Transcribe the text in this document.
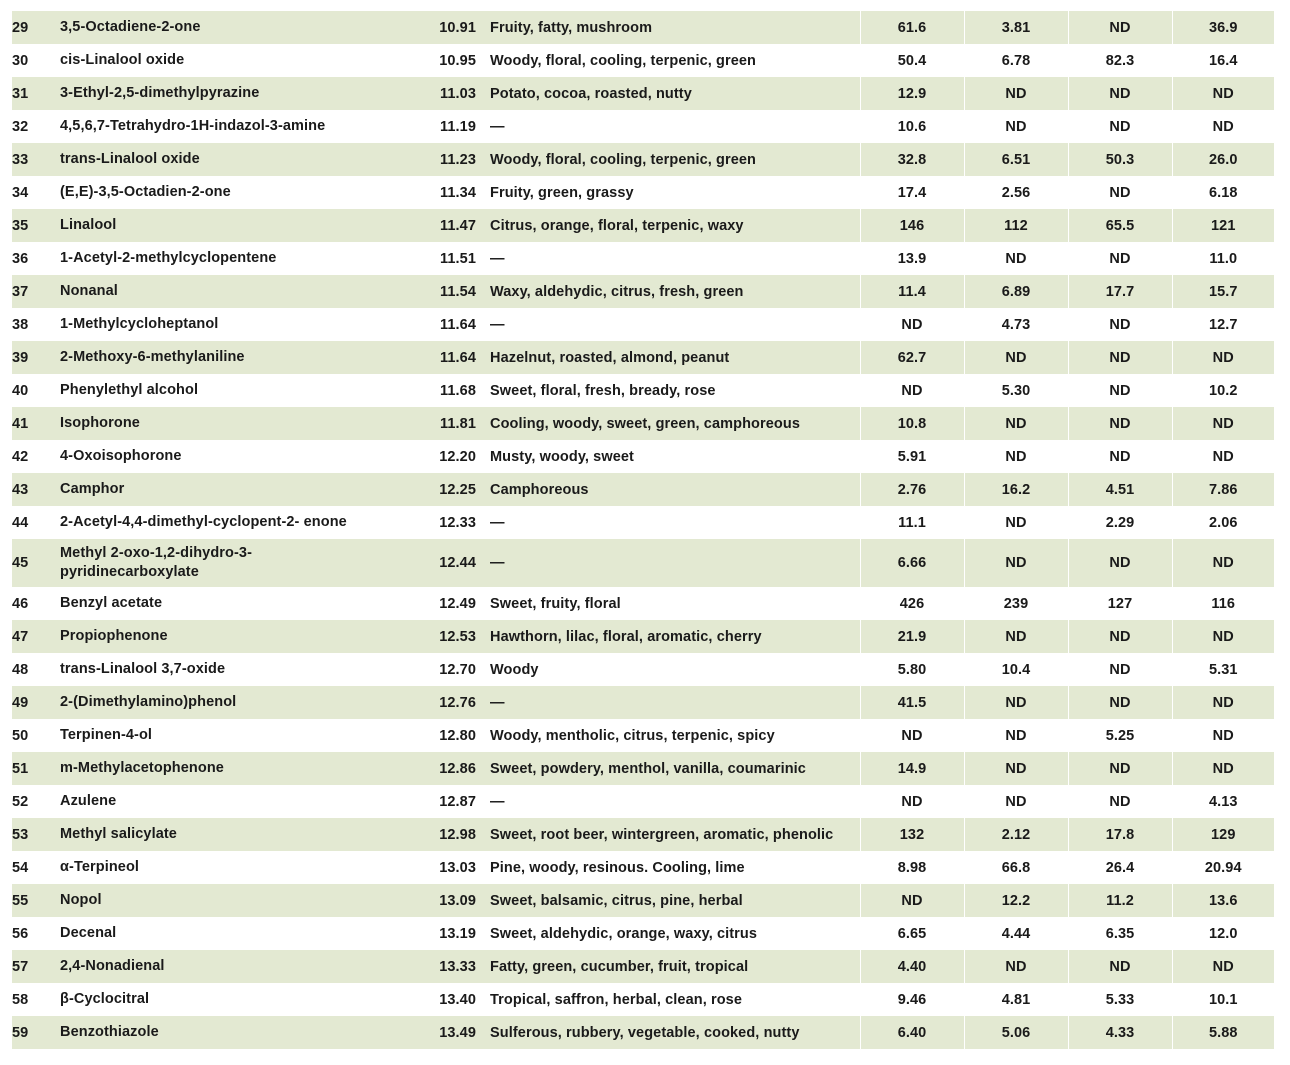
29	3,5-Octadiene-2-one	10.91	Fruity, fatty, mushroom	61.6	3.81	ND	36.9
30	cis-Linalool oxide	10.95	Woody, floral, cooling, terpenic, green	50.4	6.78	82.3	16.4
31	3-Ethyl-2,5-dimethylpyrazine	11.03	Potato, cocoa, roasted, nutty	12.9	ND	ND	ND
32	4,5,6,7-Tetrahydro-1H-indazol-3-amine	11.19	—	10.6	ND	ND	ND
33	trans-Linalool oxide	11.23	Woody, floral, cooling, terpenic, green	32.8	6.51	50.3	26.0
34	(E,E)-3,5-Octadien-2-one	11.34	Fruity, green, grassy	17.4	2.56	ND	6.18
35	Linalool	11.47	Citrus, orange, floral, terpenic, waxy	146	112	65.5	121
36	1-Acetyl-2-methylcyclopentene	11.51	—	13.9	ND	ND	11.0
37	Nonanal	11.54	Waxy, aldehydic, citrus, fresh, green	11.4	6.89	17.7	15.7
38	1-Methylcycloheptanol	11.64	—	ND	4.73	ND	12.7
39	2-Methoxy-6-methylaniline	11.64	Hazelnut, roasted, almond, peanut	62.7	ND	ND	ND
40	Phenylethyl alcohol	11.68	Sweet, floral, fresh, bready, rose	ND	5.30	ND	10.2
41	Isophorone	11.81	Cooling, woody, sweet, green, camphoreous	10.8	ND	ND	ND
42	4-Oxoisophorone	12.20	Musty, woody, sweet	5.91	ND	ND	ND
43	Camphor	12.25	Camphoreous	2.76	16.2	4.51	7.86
44	2-Acetyl-4,4-dimethyl-cyclopent-2- enone	12.33	—	11.1	ND	2.29	2.06
45	Methyl 2-oxo-1,2-dihydro-3-pyridinecarboxylate	12.44	—	6.66	ND	ND	ND
46	Benzyl acetate	12.49	Sweet, fruity, floral	426	239	127	116
47	Propiophenone	12.53	Hawthorn, lilac, floral, aromatic, cherry	21.9	ND	ND	ND
48	trans-Linalool 3,7-oxide	12.70	Woody	5.80	10.4	ND	5.31
49	2-(Dimethylamino)phenol	12.76	—	41.5	ND	ND	ND
50	Terpinen-4-ol	12.80	Woody, mentholic, citrus, terpenic, spicy	ND	ND	5.25	ND
51	m-Methylacetophenone	12.86	Sweet, powdery, menthol, vanilla, coumarinic	14.9	ND	ND	ND
52	Azulene	12.87	—	ND	ND	ND	4.13
53	Methyl salicylate	12.98	Sweet, root beer, wintergreen, aromatic, phenolic	132	2.12	17.8	129
54	α-Terpineol	13.03	Pine, woody, resinous. Cooling, lime	8.98	66.8	26.4	20.94
55	Nopol	13.09	Sweet, balsamic, citrus, pine, herbal	ND	12.2	11.2	13.6
56	Decenal	13.19	Sweet, aldehydic, orange, waxy, citrus	6.65	4.44	6.35	12.0
57	2,4-Nonadienal	13.33	Fatty, green, cucumber, fruit, tropical	4.40	ND	ND	ND
58	β-Cyclocitral	13.40	Tropical, saffron, herbal, clean, rose	9.46	4.81	5.33	10.1
59	Benzothiazole	13.49	Sulferous, rubbery, vegetable, cooked, nutty	6.40	5.06	4.33	5.88
